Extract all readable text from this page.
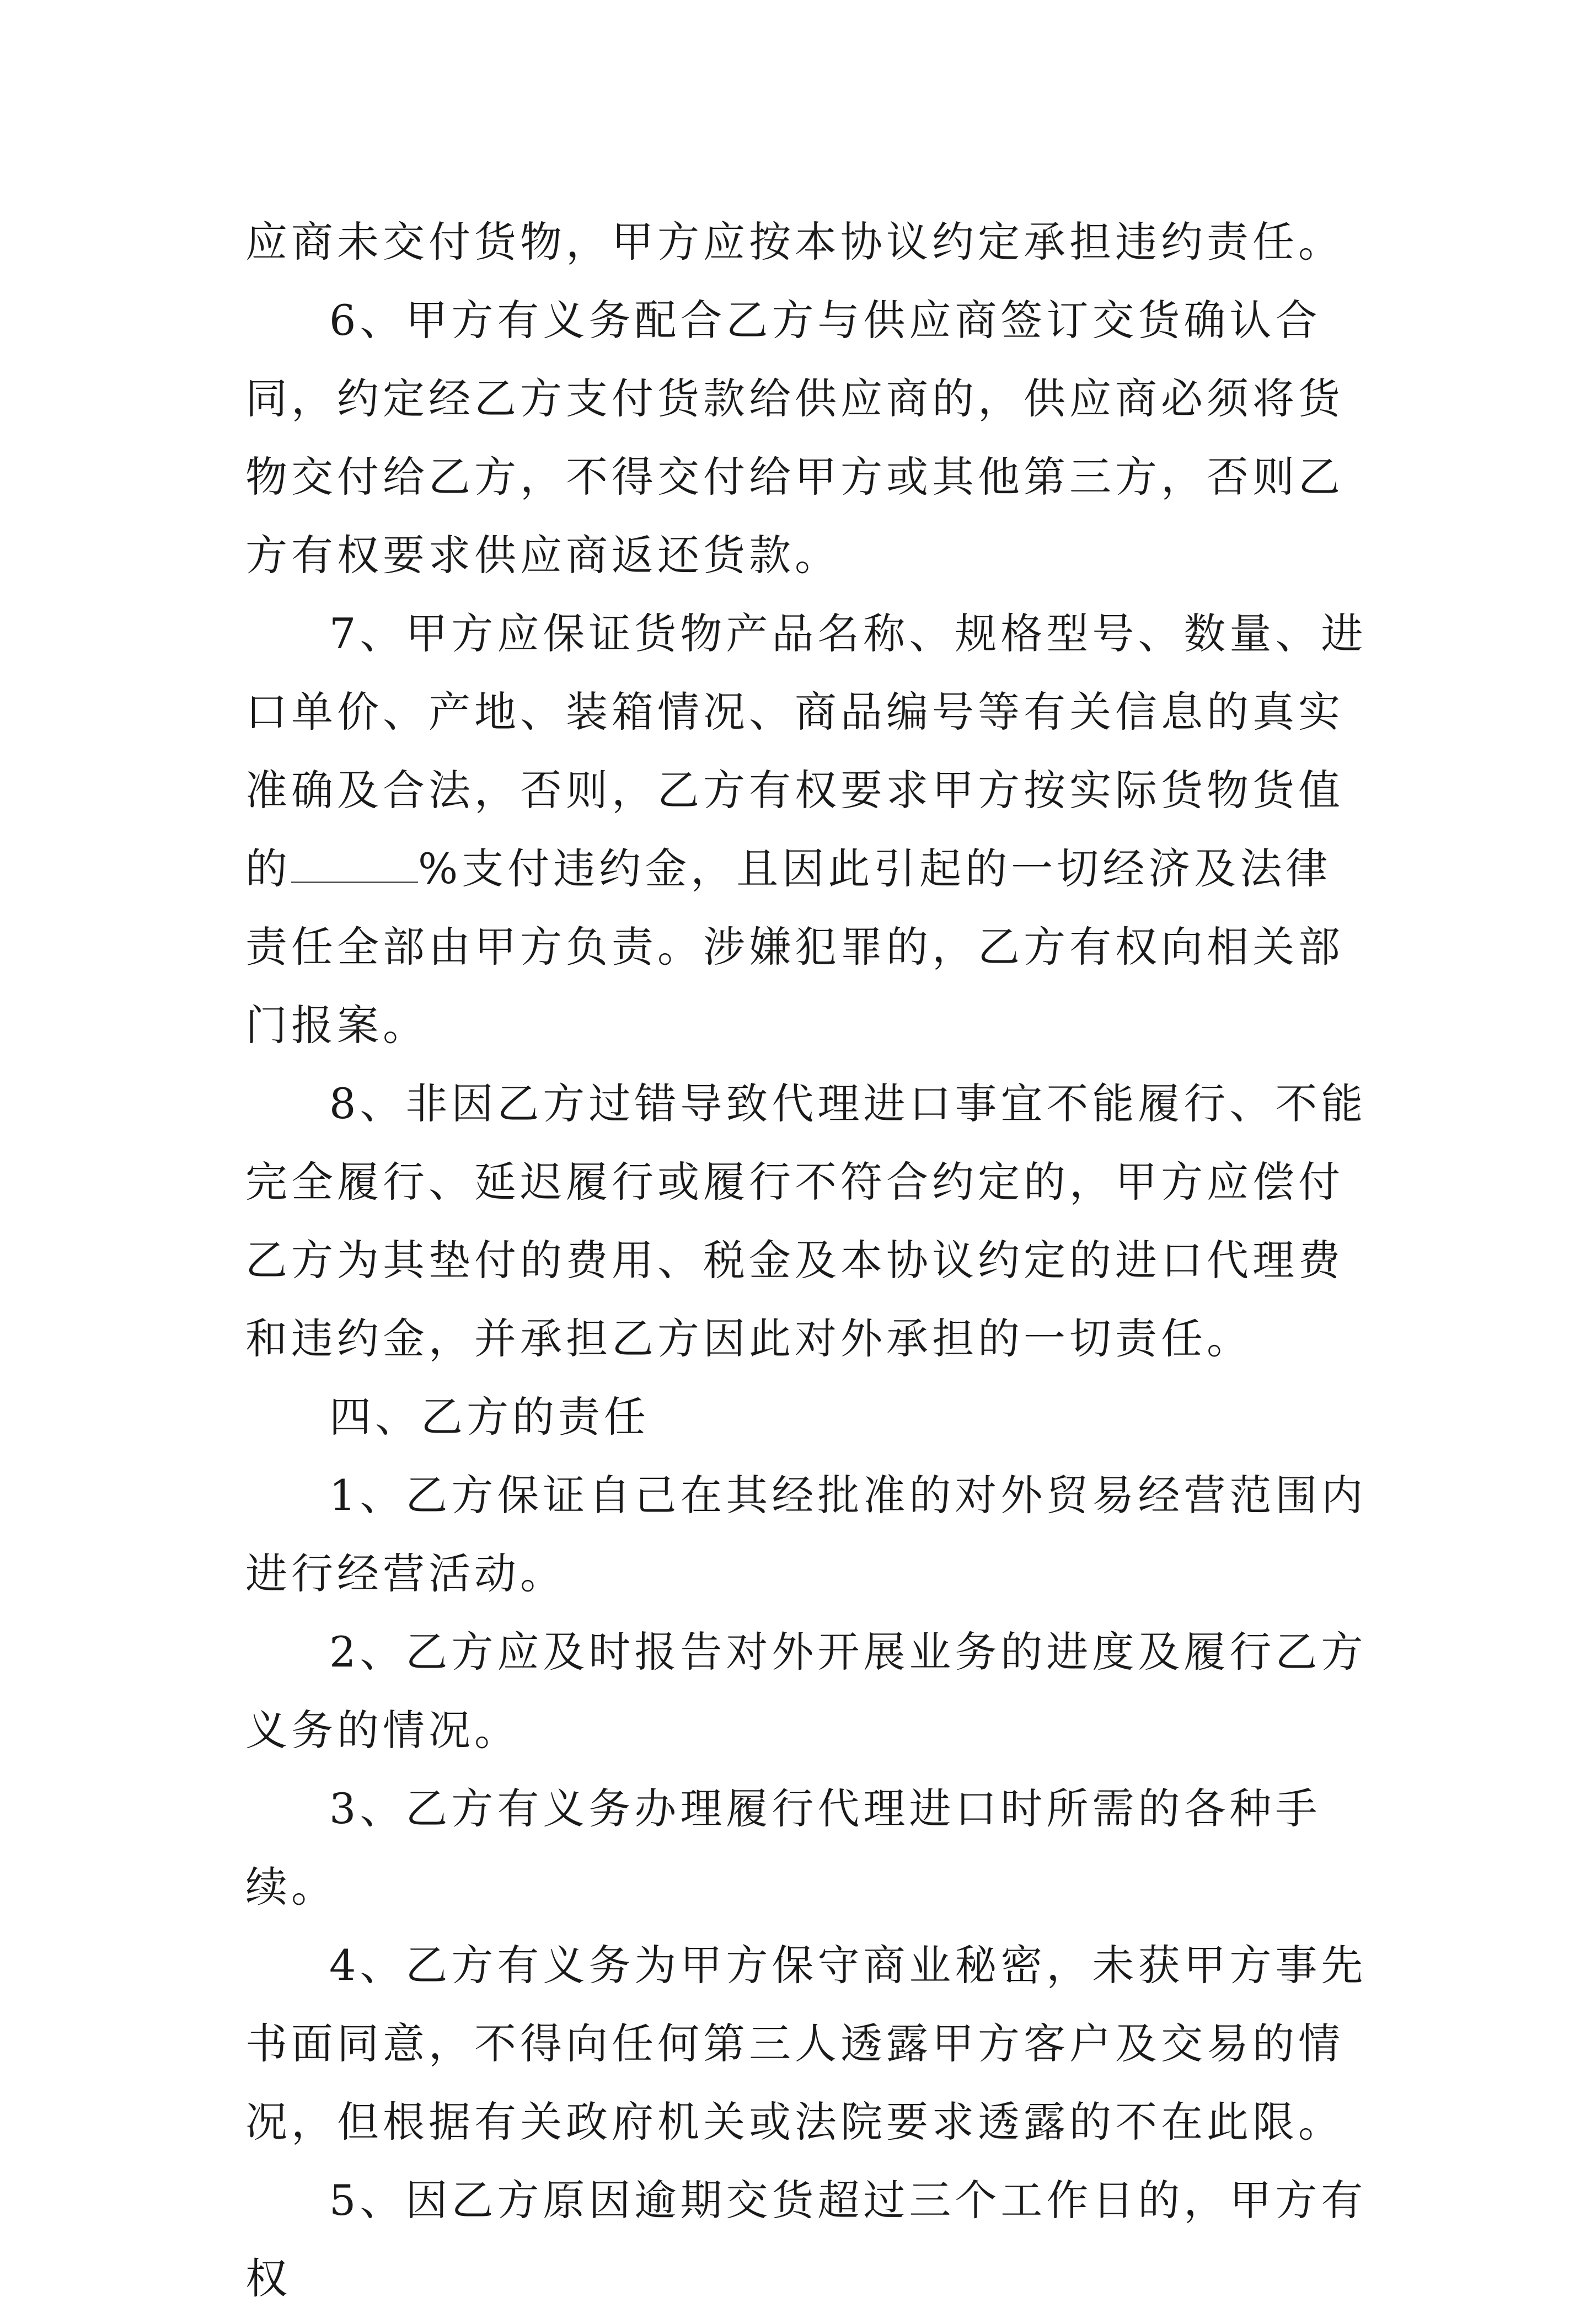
应商未交付货物，甲方应按本协议约定承担违约责任。

6、甲方有义务配合乙方与供应商签订交货确认合同，约定经乙方支付货款给供应商的，供应商必须将货物交付给乙方，不得交付给甲方或其他第三方，否则乙方有权要求供应商返还货款。

7、甲方应保证货物产品名称、规格型号、数量、进口单价、产地、装箱情况、商品编号等有关信息的真实准确及合法，否则，乙方有权要求甲方按实际货物货值的	%支付违约金，且因此引起的一切经济及法律责任全部由甲方负责。涉嫌犯罪的，乙方有权向相关部门报案。

8、非因乙方过错导致代理进口事宜不能履行、不能完全履行、延迟履行或履行不符合约定的，甲方应偿付乙方为其垫付的费用、税金及本协议约定的进口代理费和违约金，并承担乙方因此对外承担的一切责任。

四、乙方的责任

1、乙方保证自己在其经批准的对外贸易经营范围内进行经营活动。

2、乙方应及时报告对外开展业务的进度及履行乙方义务的情况。

3、乙方有义务办理履行代理进口时所需的各种手续。

4、乙方有义务为甲方保守商业秘密，未获甲方事先书面同意，不得向任何第三人透露甲方客户及交易的情况，但根据有关政府机关或法院要求透露的不在此限。

5、因乙方原因逾期交货超过三个工作日的，甲方有权
